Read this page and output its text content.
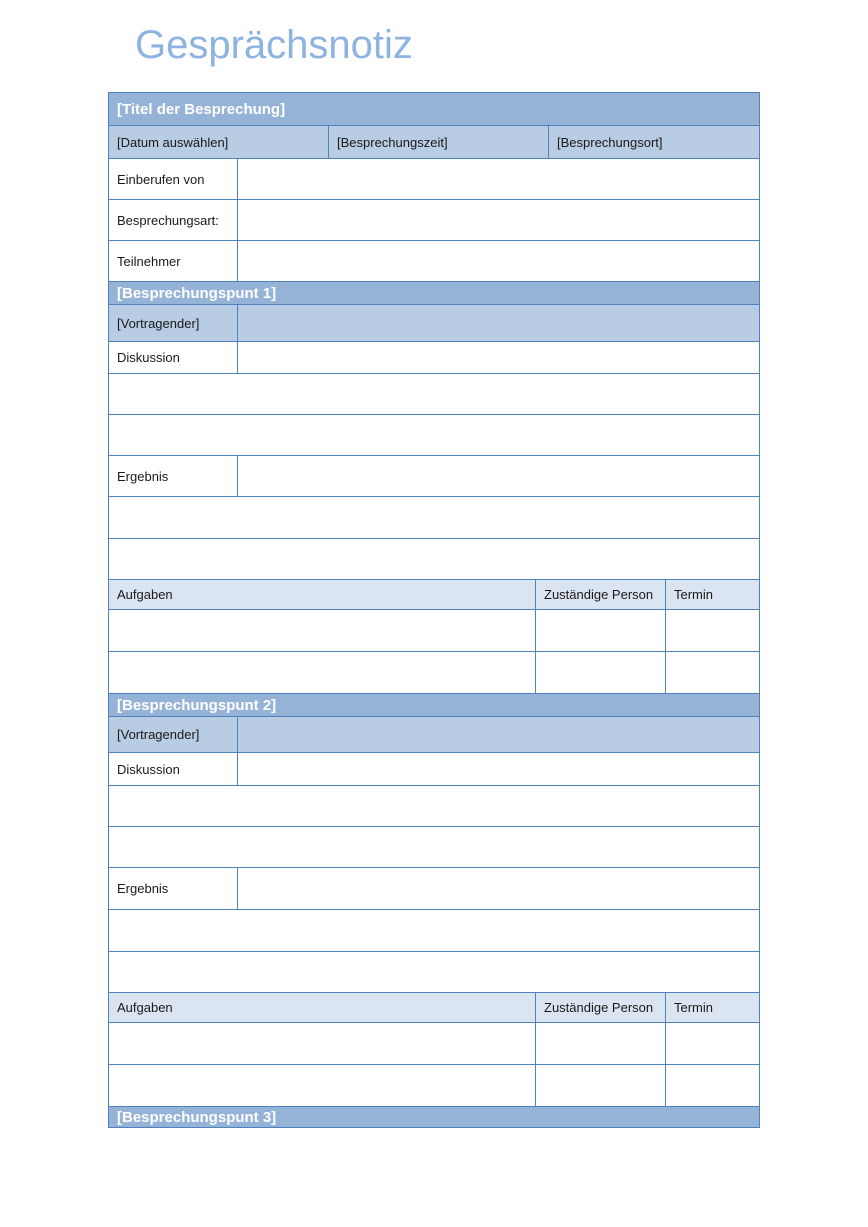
Gesprächsnotiz
[Titel der Besprechung]
[Datum auswählen]	[Besprechungszeit]	[Besprechungsort]
Einberufen von
Besprechungsart:
Teilnehmer
[Besprechungspunt 1]
[Vortragender]
Diskussion
Ergebnis
Aufgaben	Zuständige Person	Termin
[Besprechungspunt 2]
[Vortragender]
Diskussion
Ergebnis
Aufgaben	Zuständige Person	Termin
[Besprechungspunt 3]
